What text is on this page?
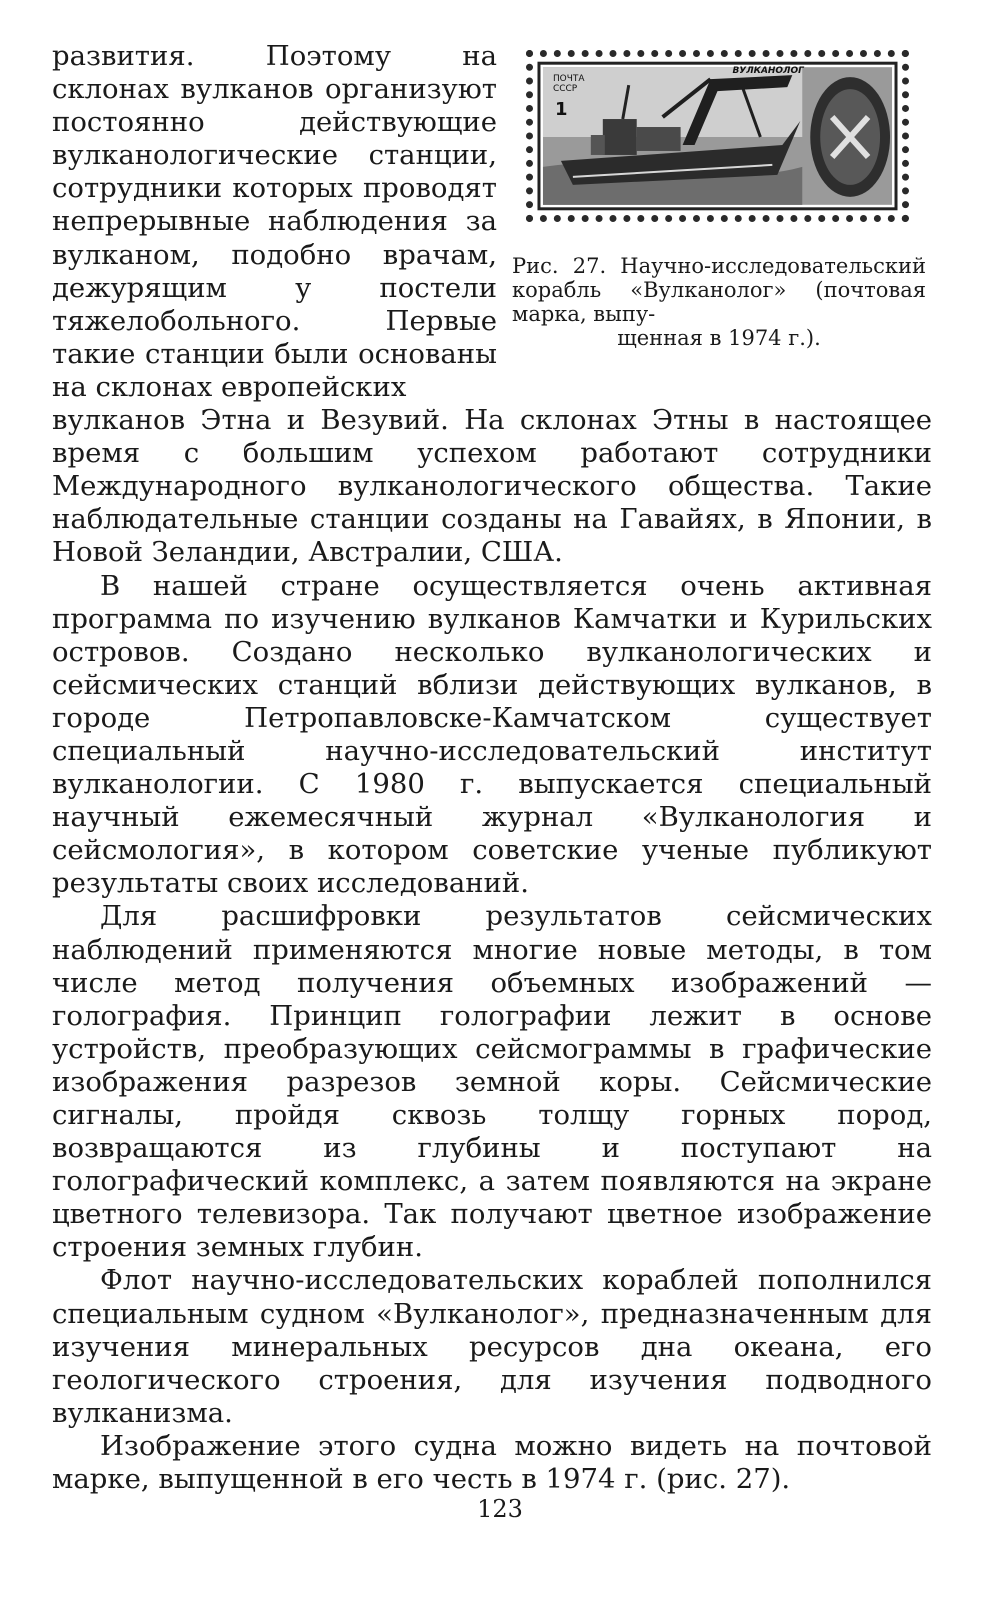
ПОЧТА
СССР
1
ВУЛКАНОЛОГ
Рис. 27. Научно-исследовательский корабль «Вулканолог» (почтовая марка, выпу-
щенная в 1974 г.).

развития. Поэтому на склонах вулканов организуют постоянно действующие вулканологические станции, сотрудники которых проводят непрерывные наблюдения за вулканом, подобно врачам, дежурящим у постели тяжелобольного. Первые такие станции были основаны на склонах европейских

вулканов Этна и Везувий. На склонах Этны в настоящее время с большим успехом работают сотрудники Международного вулканологического общества. Такие наблюдательные станции созданы на Гавайях, в Японии, в Новой Зеландии, Австралии, США.

В нашей стране осуществляется очень активная программа по изучению вулканов Камчатки и Курильских островов. Создано несколько вулканологических и сейсмических станций вблизи действующих вулканов, в городе Петропавловске-Камчатском существует специальный научно-исследовательский институт вулканологии. С 1980 г. выпускается специальный научный ежемесячный журнал «Вулканология и сейсмология», в котором советские ученые публикуют результаты своих исследований.

Для расшифровки результатов сейсмических наблюдений применяются многие новые методы, в том числе метод получения объемных изображений — голография. Принцип голографии лежит в основе устройств, преобразующих сейсмограммы в графические изображения разрезов земной коры. Сейсмические сигналы, пройдя сквозь толщу горных пород, возвращаются из глубины и поступают на голографический комплекс, а затем появляются на экране цветного телевизора. Так получают цветное изображение строения земных глубин.

Флот научно-исследовательских кораблей пополнился специальным судном «Вулканолог», предназначенным для изучения минеральных ресурсов дна океана, его геологического строения, для изучения подводного вулканизма.

Изображение этого судна можно видеть на почтовой марке, выпущенной в его честь в 1974 г. (рис. 27).

123
